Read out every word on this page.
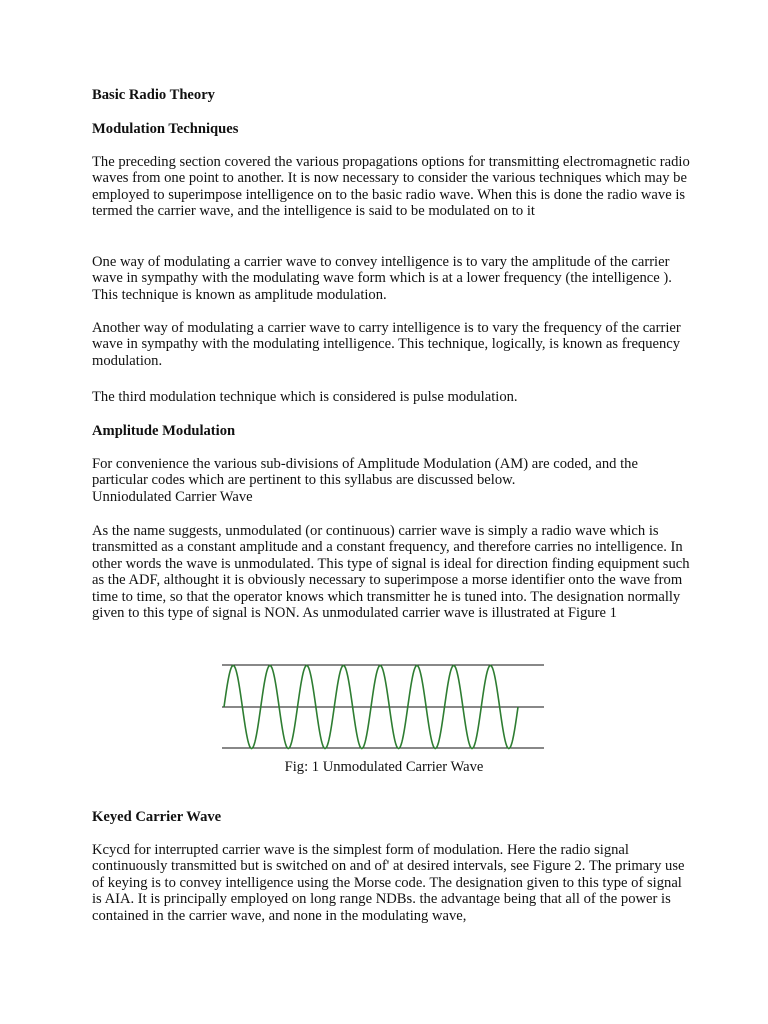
Basic Radio Theory

Modulation Techniques

The preceding section covered the various propagations options for transmitting electromagnetic radio waves from one point to another. It is now necessary to consider the various techniques which may be employed to superimpose intelligence on to the basic radio wave. When this is done the radio wave is termed the carrier wave, and the intelligence is said to be modulated on to it

One way of modulating a carrier wave to convey intelligence is to vary the amplitude of the carrier wave in sympathy with the modulating wave form which is at a lower frequency (the intelligence ). This technique is known as amplitude modulation.

Another way of modulating a carrier wave to carry intelligence is to vary the frequency of the carrier wave in sympathy with the modulating intelligence. This technique, logically, is known as frequency modulation.

The third modulation technique which is considered is pulse modulation.

Amplitude Modulation

For convenience the various sub-divisions of Amplitude Modulation (AM) are coded, and the particular codes which are pertinent to this syllabus are discussed below.

Unniodulated Carrier Wave

As the name suggests, unmodulated (or continuous) carrier wave is simply a radio wave which is transmitted as a constant amplitude and a constant frequency, and therefore carries no intelligence. In other words the wave is unmodulated. This type of signal is ideal for direction finding equipment such as the ADF, althought it is obviously necessary to superimpose a morse identifier onto the wave from time to time, so that the operator knows which transmitter he is tuned into. The designation normally given to this type of signal is NON. As unmodulated carrier wave is illustrated at Figure 1

Fig: 1 Unmodulated Carrier Wave

Keyed Carrier Wave

Kcycd for interrupted carrier wave is the simplest form of modulation. Here the radio signal continuously transmitted but is switched on and of' at desired intervals, see Figure 2. The primary use of keying is to convey intelligence using the Morse code. The designation given to this type of signal is AIA. It is principally employed on long range NDBs. the advantage being that all of the power is contained in the carrier wave, and none in the modulating wave,
